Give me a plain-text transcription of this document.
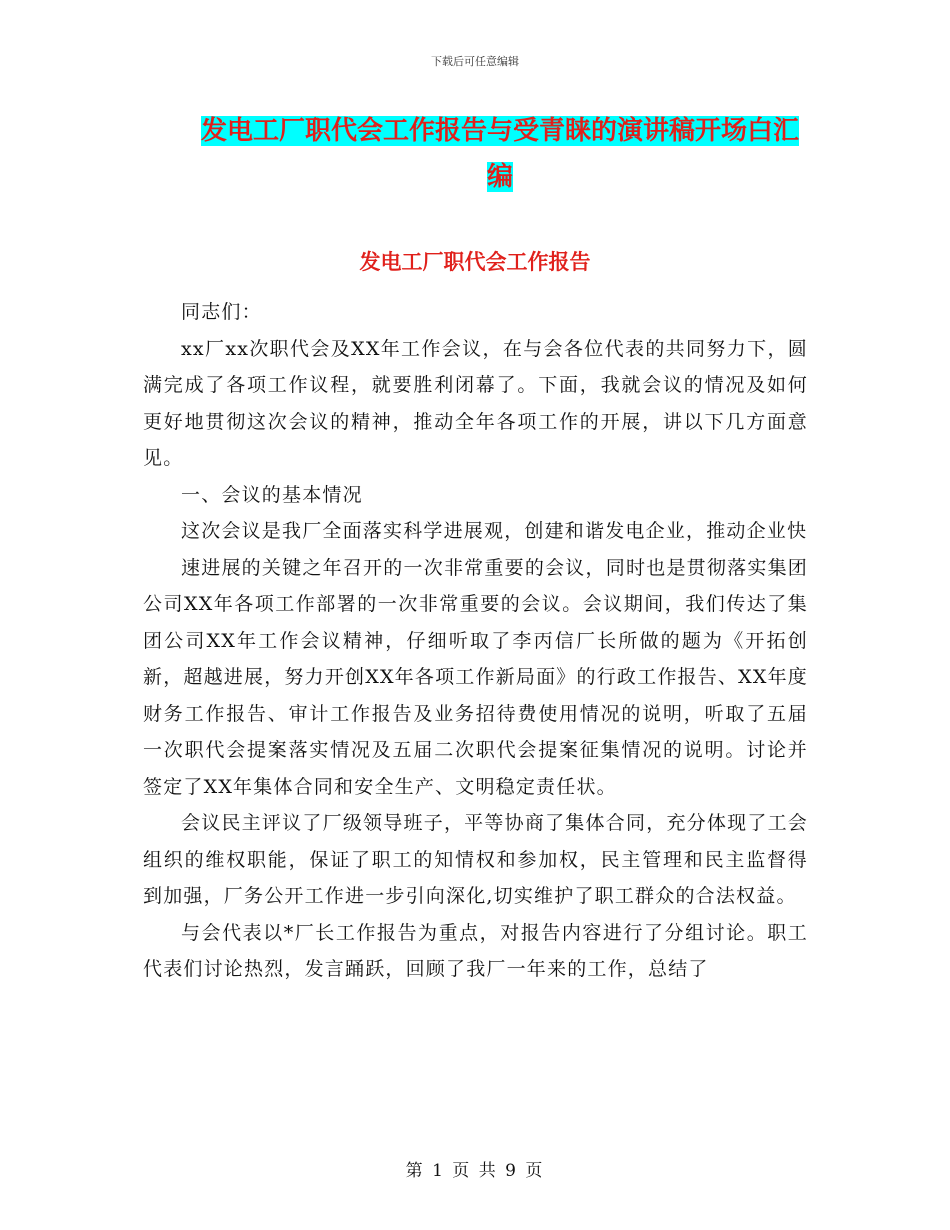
下载后可任意编辑
发电工厂职代会工作报告与受青睐的演讲稿开场白汇
编
发电工厂职代会工作报告

同志们：

xx厂xx次职代会及XX年工作会议，在与会各位代表的共同努力下，圆满完成了各项工作议程，就要胜利闭幕了。下面，我就会议的情况及如何更好地贯彻这次会议的精神，推动全年各项工作的开展，讲以下几方面意见。

一、会议的基本情况

这次会议是我厂全面落实科学进展观，创建和谐发电企业，推动企业快

速进展的关键之年召开的一次非常重要的会议，同时也是贯彻落实集团公司XX年各项工作部署的一次非常重要的会议。会议期间，我们传达了集团公司XX年工作会议精神，仔细听取了李丙信厂长所做的题为《开拓创新，超越进展，努力开创XX年各项工作新局面》的行政工作报告、XX年度财务工作报告、审计工作报告及业务招待费使用情况的说明，听取了五届一次职代会提案落实情况及五届二次职代会提案征集情况的说明。讨论并签定了XX年集体合同和安全生产、文明稳定责任状。

会议民主评议了厂级领导班子，平等协商了集体合同，充分体现了工会组织的维权职能，保证了职工的知情权和参加权，民主管理和民主监督得到加强，厂务公开工作进一步引向深化,切实维护了职工群众的合法权益。

与会代表以*厂长工作报告为重点，对报告内容进行了分组讨论。职工代表们讨论热烈，发言踊跃，回顾了我厂一年来的工作，总结了

第 1 页 共 9 页
